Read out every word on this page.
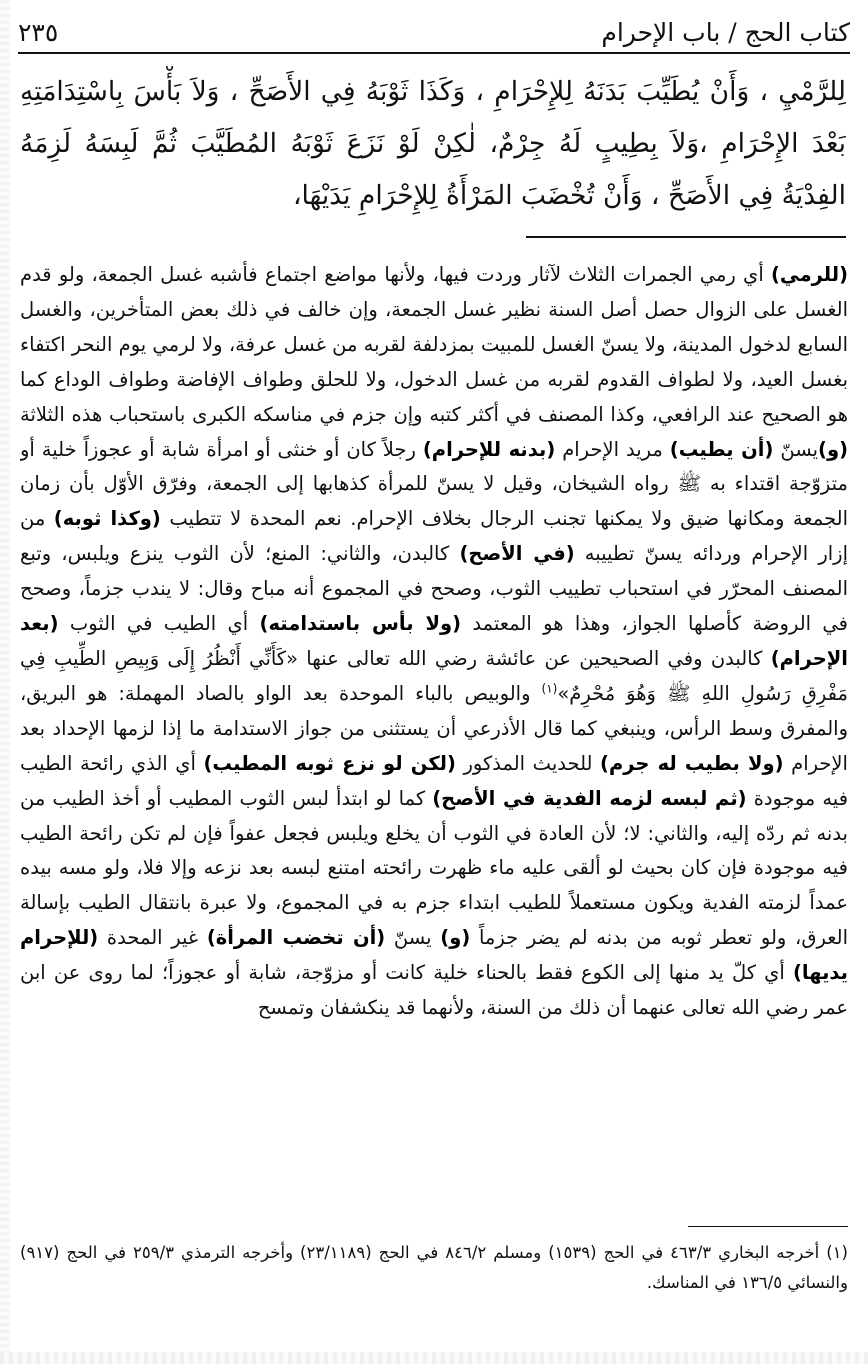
كتاب الحج / باب الإحرام
٢٣٥
لِلرَّمْيِ ، وَأَنْ يُطَيِّبَ بَدَنَهُ لِلإِحْرَامِ ، وَكَذَا ثَوْبَهُ فِي الأَصَحِّ ، وَلاَ بَأْسَ بِاسْتِدَامَتِهِ بَعْدَ الإِحْرَامِ ،وَلاَ بِطِيبٍ لَهُ جِرْمٌ، لٰكِنْ لَوْ نَزَعَ ثَوْبَهُ المُطَيَّبَ ثُمَّ لَبِسَهُ لَزِمَهُ الفِدْيَةُ فِي الأَصَحِّ ، وَأَنْ تُخْضَبَ المَرْأَةُ لِلإِحْرَامِ يَدَيْهَا،

(للرمي) أي رمي الجمرات الثلاث لآثار وردت فيها، ولأنها مواضع اجتماع فأشبه غسل الجمعة، ولو قدم الغسل على الزوال حصل أصل السنة نظير غسل الجمعة، وإن خالف في ذلك بعض المتأخرين، والغسل السابع لدخول المدينة، ولا يسنّ الغسل للمبيت بمزدلفة لقربه من غسل عرفة، ولا لرمي يوم النحر اكتفاء بغسل العيد، ولا لطواف القدوم لقربه من غسل الدخول، ولا للحلق وطواف الإفاضة وطواف الوداع كما هو الصحيح عند الرافعي، وكذا المصنف في أكثر كتبه وإن جزم في مناسكه الكبرى باستحباب هذه الثلاثة (و)يسنّ (أن يطيب) مريد الإحرام (بدنه للإحرام) رجلاً كان أو خنثى أو امرأة شابة أو عجوزاً خلية أو متزوّجة اقتداء به ﷺ رواه الشيخان، وقيل لا يسنّ للمرأة كذهابها إلى الجمعة، وفرّق الأوّل بأن زمان الجمعة ومكانها ضيق ولا يمكنها تجنب الرجال بخلاف الإحرام. نعم المحدة لا تتطيب (وكذا ثوبه) من إزار الإحرام وردائه يسنّ تطييبه (في الأصح) كالبدن، والثاني: المنع؛ لأن الثوب ينزع ويلبس، وتبع المصنف المحرّر في استحباب تطييب الثوب، وصحح في المجموع أنه مباح وقال: لا يندب جزماً، وصحح في الروضة كأصلها الجواز، وهذا هو المعتمد (ولا بأس باستدامته) أي الطيب في الثوب (بعد الإحرام) كالبدن وفي الصحيحين عن عائشة رضي الله تعالى عنها «كَأَنِّي أَنْظُرُ إِلَى وَبِيصِ الطِّيبِ فِي مَفْرِقِ رَسُولِ اللهِ ﷺ وَهُوَ مُحْرِمٌ»$^{(١)}$ والوبيص بالباء الموحدة بعد الواو بالصاد المهملة: هو البريق، والمفرق وسط الرأس، وينبغي كما قال الأذرعي أن يستثنى من جواز الاستدامة ما إذا لزمها الإحداد بعد الإحرام (ولا بطيب له جرم) للحديث المذكور (لكن لو نزع ثوبه المطيب) أي الذي رائحة الطيب فيه موجودة (ثم لبسه لزمه الفدية في الأصح) كما لو ابتدأ لبس الثوب المطيب أو أخذ الطيب من بدنه ثم ردّه إليه، والثاني: لا؛ لأن العادة في الثوب أن يخلع ويلبس فجعل عفواً فإن لم تكن رائحة الطيب فيه موجودة فإن كان بحيث لو ألقى عليه ماء ظهرت رائحته امتنع لبسه بعد نزعه وإلا فلا، ولو مسه بيده عمداً لزمته الفدية ويكون مستعملاً للطيب ابتداء جزم به في المجموع، ولا عبرة بانتقال الطيب بإسالة العرق، ولو تعطر ثوبه من بدنه لم يضر جزماً (و) يسنّ (أن تخضب المرأة) غير المحدة (للإحرام يديها) أي كلّ يد منها إلى الكوع فقط بالحناء خلية كانت أو مزوّجة، شابة أو عجوزاً؛ لما روى عن ابن عمر رضي الله تعالى عنهما أن ذلك من السنة، ولأنهما قد ينكشفان وتمسح

(١) أخرجه البخاري ٤٦٣/٣ في الحج (١٥٣٩) ومسلم ٨٤٦/٢ في الحج (٢٣/١١٨٩) وأخرجه الترمذي ٢٥٩/٣ في الحج (٩١٧) والنسائي ١٣٦/٥ في المناسك.
